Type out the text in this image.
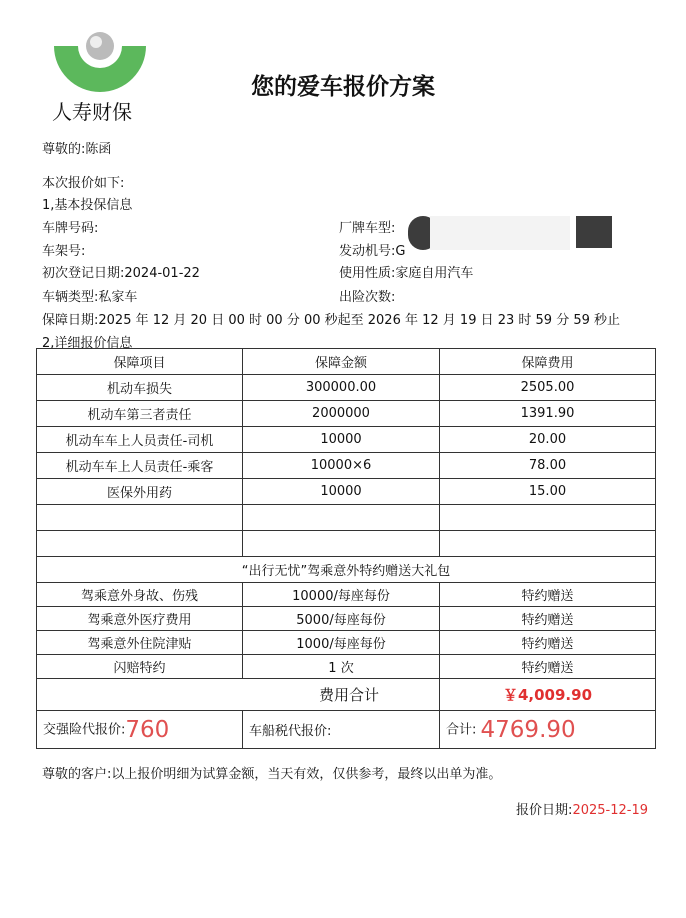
人寿财保
您的爱车报价方案
尊敬的:陈函
本次报价如下:
1,基本投保信息
车牌号码:	厂牌车型:
车架号:	发动机号:G
初次登记日期:2024-01-22	使用性质:家庭自用汽车
车辆类型:私家车	出险次数:
保障日期:2025 年 12 月 20 日 00 时 00 分 00 秒起至 2026 年 12 月 19 日 23 时 59 分 59 秒止
2,详细报价信息
保障项目	保障金额	保障费用
机动车损失	300000.00	2505.00
机动车第三者责任	2000000	1391.90
机动车车上人员责任-司机	10000	20.00
机动车车上人员责任-乘客	10000×6	78.00
医保外用药	10000	15.00

“出行无忧”驾乘意外特约赠送大礼包		
驾乘意外身故、伤残	10000/每座每份	特约赠送
驾乘意外医疗费用	5000/每座每份	特约赠送
驾乘意外住院津贴	1000/每座每份	特约赠送
闪赔特约	1 次	特约赠送
费用合计		￥4,009.90
交强险代报价:760	车船税代报价:	合计: 4769.90
尊敬的客户:以上报价明细为试算金额，当天有效，仅供参考，最终以出单为准。
报价日期:2025-12-19
